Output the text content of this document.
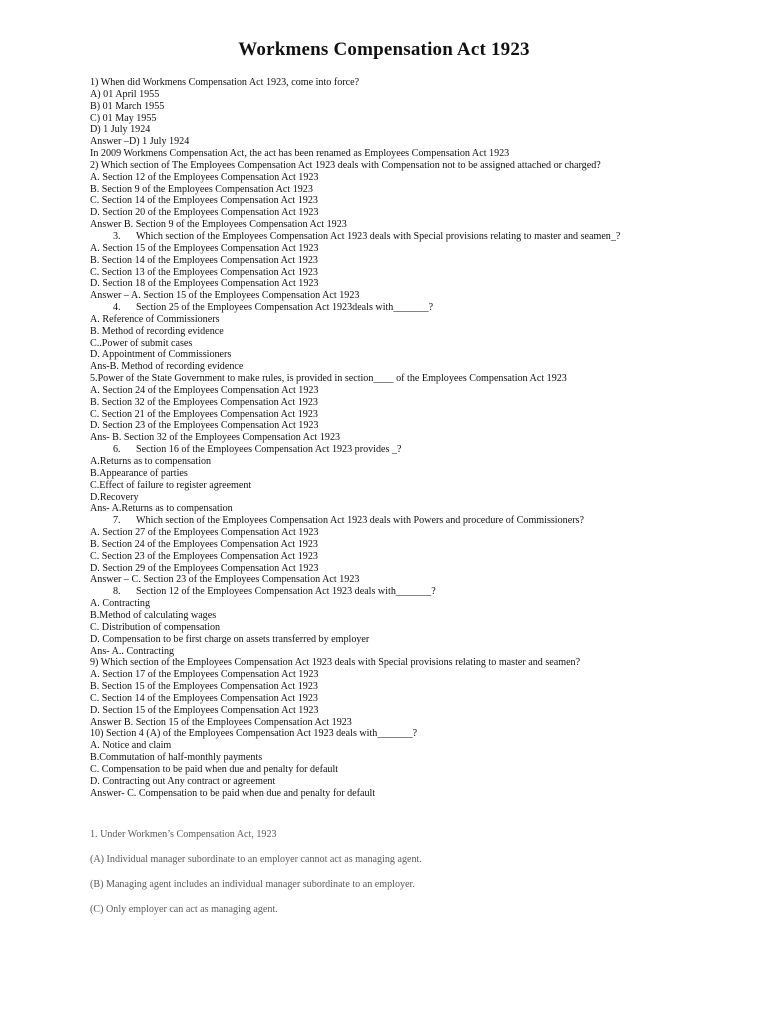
Workmens Compensation Act 1923
1) When did Workmens Compensation Act 1923, come into force?
A) 01 April 1955
B) 01 March 1955
C) 01 May 1955
D) 1 July 1924
Answer –D) 1 July 1924
In 2009 Workmens Compensation Act, the act has been renamed as Employees Compensation Act 1923
2) Which section of The Employees Compensation Act 1923 deals with Compensation not to be assigned attached or charged?
A. Section 12 of the Employees Compensation Act 1923
B. Section 9 of the Employees Compensation Act 1923
C. Section 14 of the Employees Compensation Act 1923
D. Section 20 of the Employees Compensation Act 1923
Answer B. Section 9 of the Employees Compensation Act 1923
3. Which section of the Employees Compensation Act 1923 deals with Special provisions relating to master and seamen_?
A. Section 15 of the Employees Compensation Act 1923
B. Section 14 of the Employees Compensation Act 1923
C. Section 13 of the Employees Compensation Act 1923
D. Section 18 of the Employees Compensation Act 1923
Answer – A. Section 15 of the Employees Compensation Act 1923
4. Section 25 of the Employees Compensation Act 1923deals with_______?
A. Reference of Commissioners
B. Method of recording evidence
C..Power of submit cases
D. Appointment of Commissioners
Ans-B. Method of recording evidence
5.Power of the State Government to make rules, is provided in section____ of the Employees Compensation Act 1923
A. Section 24 of the Employees Compensation Act 1923
B. Section 32 of the Employees Compensation Act 1923
C. Section 21 of the Employees Compensation Act 1923
D. Section 23 of the Employees Compensation Act 1923
Ans- B. Section 32 of the Employees Compensation Act 1923
6. Section 16 of the Employees Compensation Act 1923 provides _?
A.Returns as to compensation
B.Appearance of parties
C.Effect of failure to register agreement
D.Recovery
Ans- A.Returns as to compensation
7. Which section of the Employees Compensation Act 1923 deals with Powers and procedure of Commissioners?
A. Section 27 of the Employees Compensation Act 1923
B. Section 24 of the Employees Compensation Act 1923
C. Section 23 of the Employees Compensation Act 1923
D. Section 29 of the Employees Compensation Act 1923
Answer – C. Section 23 of the Employees Compensation Act 1923
8. Section 12 of the Employees Compensation Act 1923 deals with_______?
A. Contracting
B.Method of calculating wages
C. Distribution of compensation
D. Compensation to be first charge on assets transferred by employer
Ans- A.. Contracting
9) Which section of the Employees Compensation Act 1923 deals with Special provisions relating to master and seamen?
A. Section 17 of the Employees Compensation Act 1923
B. Section 15 of the Employees Compensation Act 1923
C. Section 14 of the Employees Compensation Act 1923
D. Section 15 of the Employees Compensation Act 1923
Answer B. Section 15 of the Employees Compensation Act 1923
10) Section 4 (A) of the Employees Compensation Act 1923 deals with_______?
A. Notice and claim
B.Commutation of half-monthly payments
C. Compensation to be paid when due and penalty for default
D. Contracting out Any contract or agreement
Answer- C. Compensation to be paid when due and penalty for default
1. Under Workmen’s Compensation Act, 1923
(A) Individual manager subordinate to an employer cannot act as managing agent.
(B) Managing agent includes an individual manager subordinate to an employer.
(C) Only employer can act as managing agent.
